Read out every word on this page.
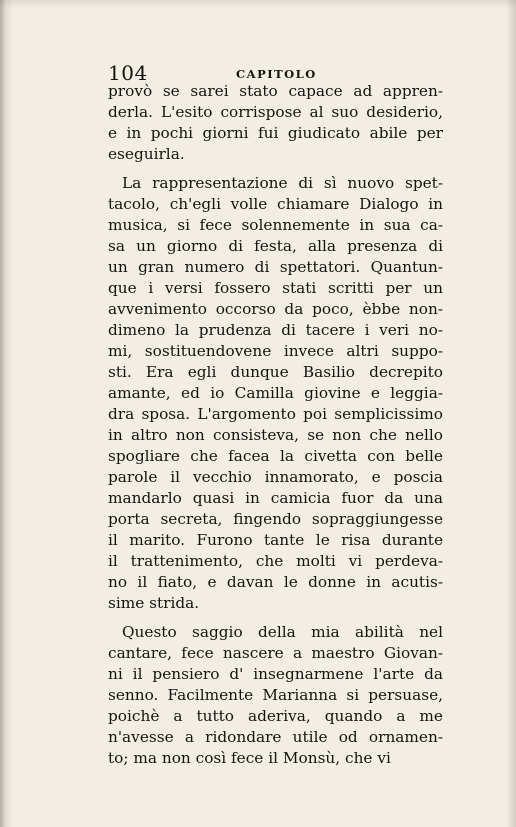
104	CAPITOLO
provò se sarei stato capace ad appren-
derla. L'esito corrispose al suo desiderio,
e in pochi giorni fui giudicato abile per
eseguirla.
La rappresentazione di sì nuovo spet-
tacolo, ch'egli volle chiamare Dialogo in
musica, si fece solennemente in sua ca-
sa un giorno di festa, alla presenza di
un gran numero di spettatori. Quantun-
que i versi fossero stati scritti per un
avvenimento occorso da poco, èbbe non-
dimeno la prudenza di tacere i veri no-
mi, sostituendovene invece altri suppo-
sti. Era egli dunque Basilio decrepito
amante, ed io Camilla giovine e leggia-
dra sposa. L'argomento poi semplicissimo
in altro non consisteva, se non che nello
spogliare che facea la civetta con belle
parole il vecchio innamorato, e poscia
mandarlo quasi in camicia fuor da una
porta secreta, fingendo sopraggiungesse
il marito. Furono tante le risa durante
il trattenimento, che molti vi perdeva-
no il fiato, e davan le donne in acutis-
sime strida.
Questo saggio della mia abilità nel
cantare, fece nascere a maestro Giovan-
ni il pensiero d' insegnarmene l'arte da
senno. Facilmente Marianna si persuase,
poichè a tutto aderiva, quando a me
n'avesse a ridondare utile od ornamen-
to; ma non così fece il Monsù, che vi
